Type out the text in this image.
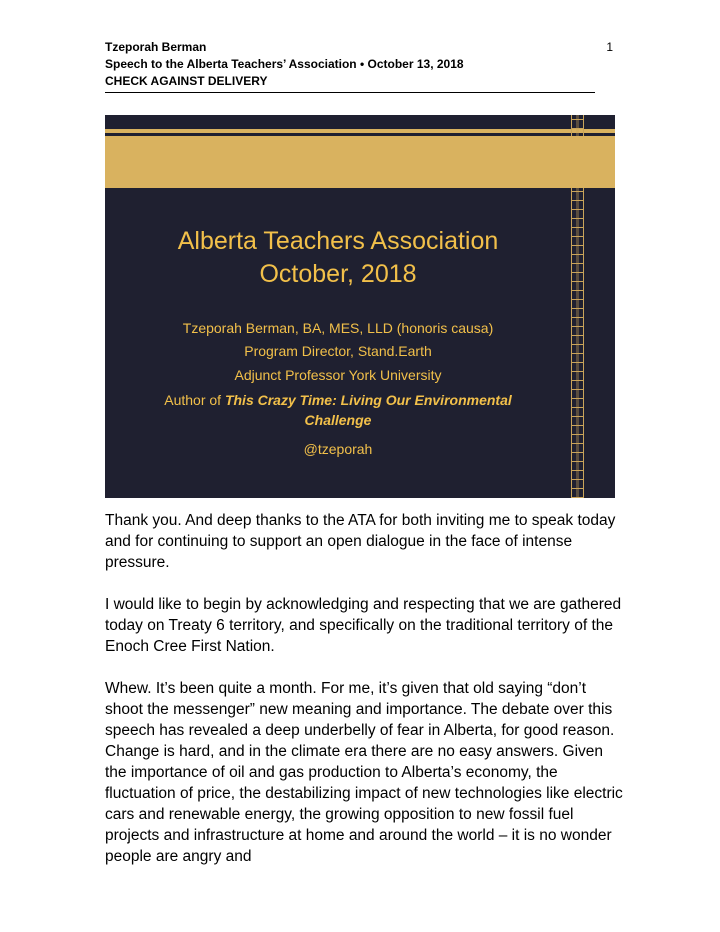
Tzeporah Berman	1
Speech to the Alberta Teachers’ Association • October 13, 2018
CHECK AGAINST DELIVERY
Alberta Teachers Association
October, 2018
Tzeporah Berman, BA, MES, LLD (honoris causa)
Program Director, Stand.Earth
Adjunct Professor York University
Author of This Crazy Time: Living Our Environmental
Challenge
@tzeporah

Thank you. And deep thanks to the ATA for both inviting me to speak today and for continuing to support an open dialogue in the face of intense pressure.

I would like to begin by acknowledging and respecting that we are gathered today on Treaty 6 territory, and specifically on the traditional territory of the Enoch Cree First Nation.

Whew. It’s been quite a month. For me, it’s given that old saying “don’t shoot the messenger” new meaning and importance. The debate over this speech has revealed a deep underbelly of fear in Alberta, for good reason. Change is hard, and in the climate era there are no easy answers. Given the importance of oil and gas production to Alberta’s economy, the fluctuation of price, the destabilizing impact of new technologies like electric cars and renewable energy, the growing opposition to new fossil fuel projects and infrastructure at home and around the world – it is no wonder people are angry and
